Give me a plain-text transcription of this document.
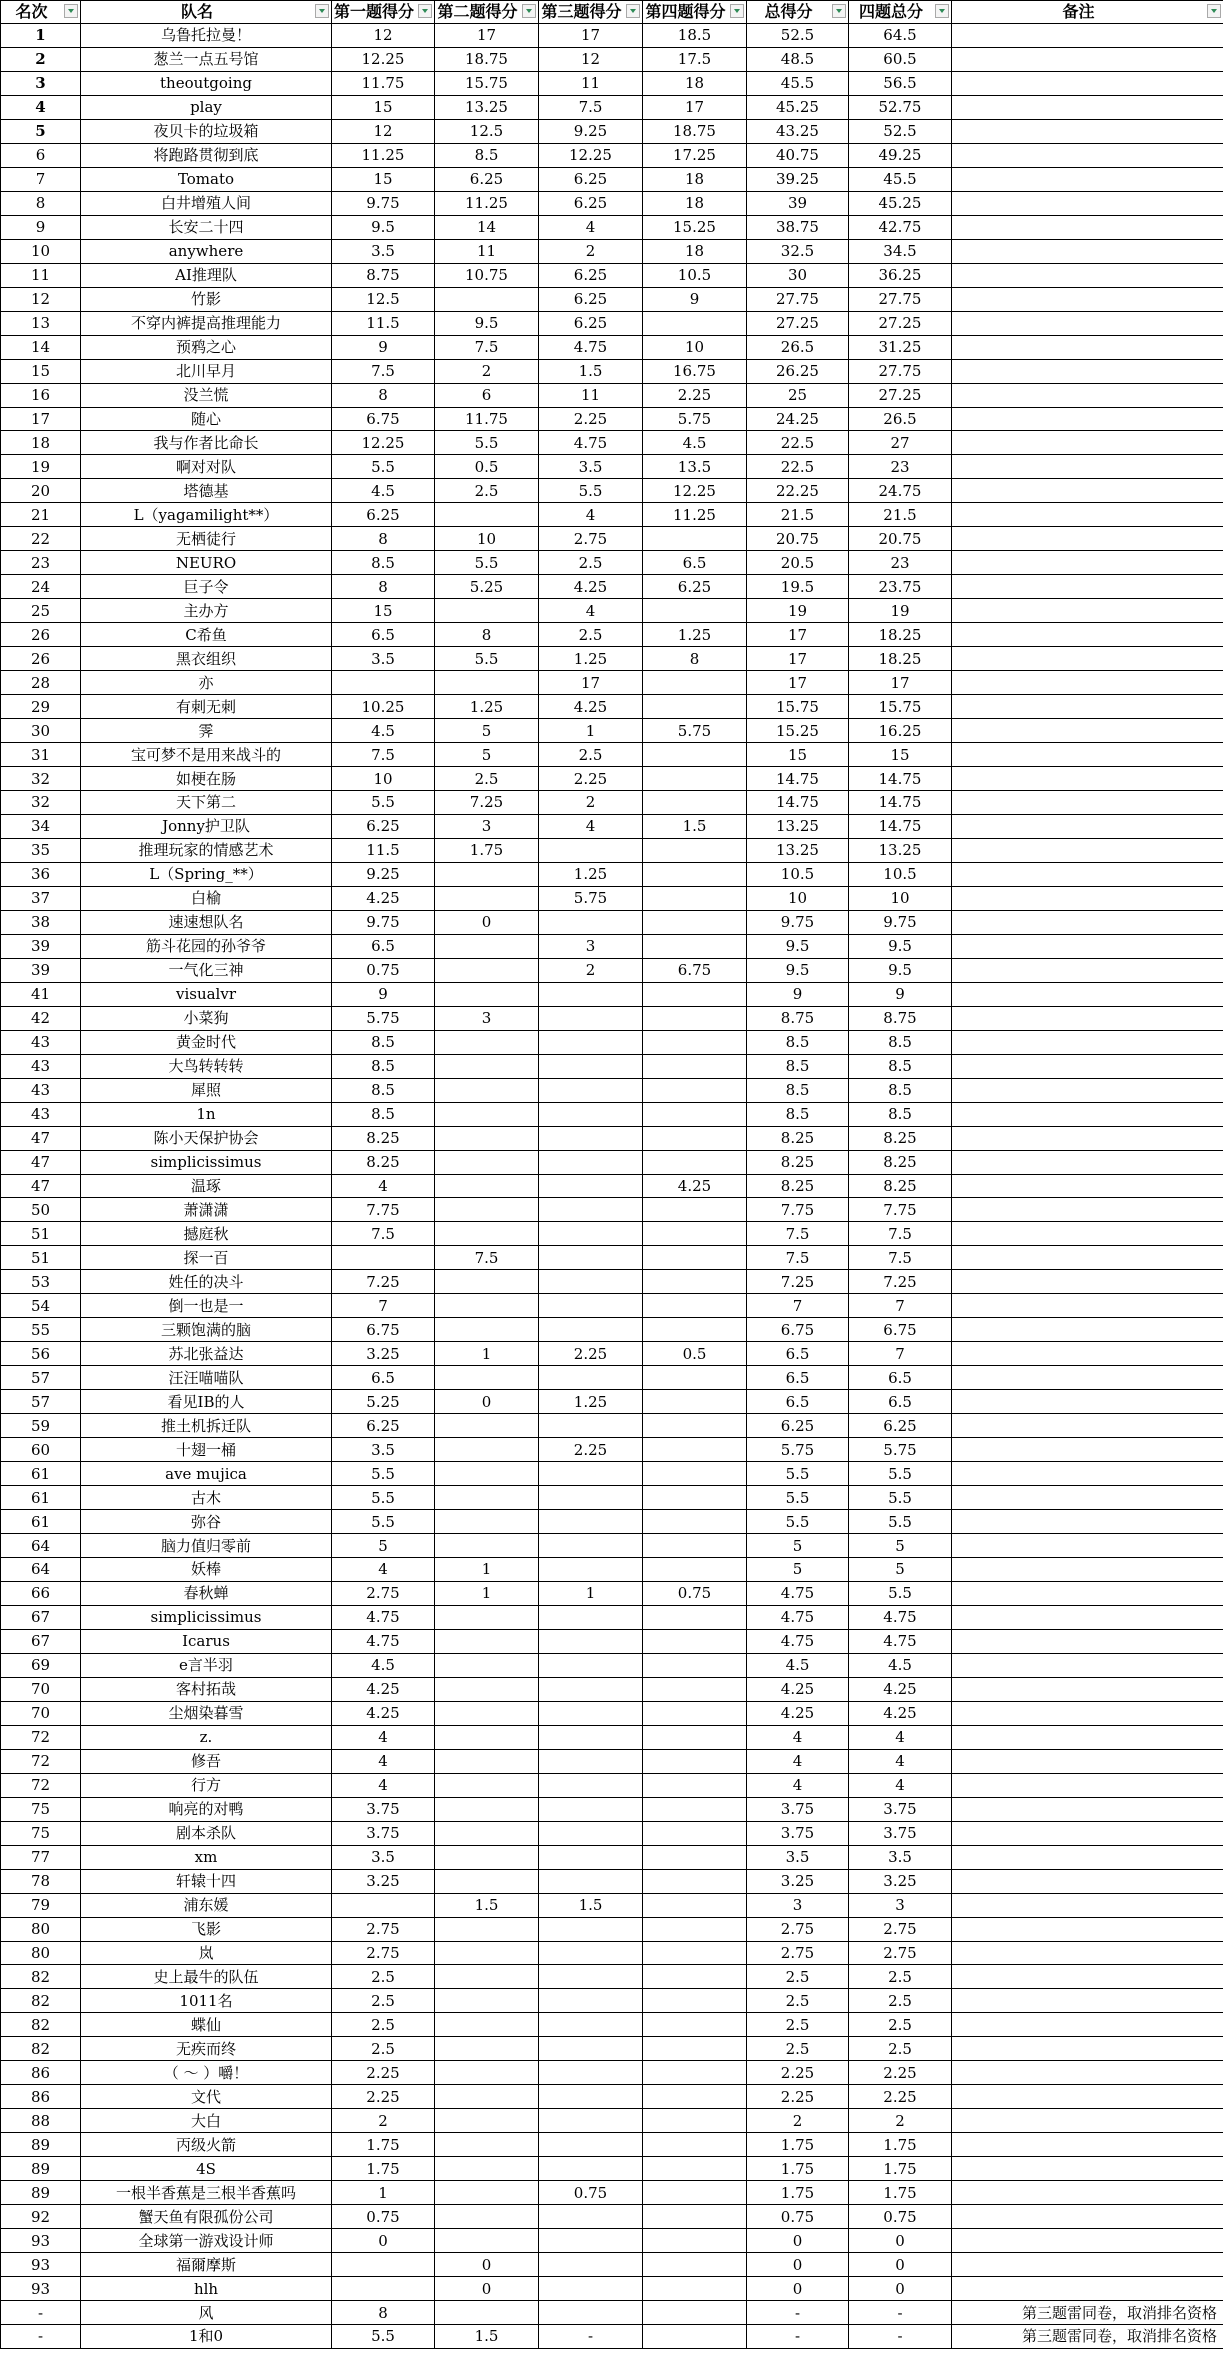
名次	队名	第一题得分	第二题得分	第三题得分	第四题得分	总得分	四题总分	备注

1	乌鲁托拉曼！	12	17	17	18.5	52.5	64.5	
2	葱兰一点五号馆	12.25	18.75	12	17.5	48.5	60.5	
3	theoutgoing	11.75	15.75	11	18	45.5	56.5	
4	play	15	13.25	7.5	17	45.25	52.75	
5	夜贝卡的垃圾箱	12	12.5	9.25	18.75	43.25	52.5	
6	将跑路贯彻到底	11.25	8.5	12.25	17.25	40.75	49.25	
7	Tomato	15	6.25	6.25	18	39.25	45.5	
8	白井增殖人间	9.75	11.25	6.25	18	39	45.25	
9	长安二十四	9.5	14	4	15.25	38.75	42.75	
10	anywhere	3.5	11	2	18	32.5	34.5	
11	AI推理队	8.75	10.75	6.25	10.5	30	36.25	
12	竹影	12.5		6.25	9	27.75	27.75	
13	不穿内裤提高推理能力	11.5	9.5	6.25		27.25	27.25	
14	预鸦之心	9	7.5	4.75	10	26.5	31.25	
15	北川早月	7.5	2	1.5	16.75	26.25	27.75	
16	没兰慌	8	6	11	2.25	25	27.25	
17	随心	6.75	11.75	2.25	5.75	24.25	26.5	
18	我与作者比命长	12.25	5.5	4.75	4.5	22.5	27	
19	啊对对队	5.5	0.5	3.5	13.5	22.5	23	
20	塔德基	4.5	2.5	5.5	12.25	22.25	24.75	
21	L（yagamilight**）	6.25		4	11.25	21.5	21.5	
22	无栖徒行	8	10	2.75		20.75	20.75	
23	NEURO	8.5	5.5	2.5	6.5	20.5	23	
24	巨子令	8	5.25	4.25	6.25	19.5	23.75	
25	主办方	15		4		19	19	
26	C希鱼	6.5	8	2.5	1.25	17	18.25	
26	黑衣组织	3.5	5.5	1.25	8	17	18.25	
28	亦			17		17	17	
29	有刺无刺	10.25	1.25	4.25		15.75	15.75	
30	霁	4.5	5	1	5.75	15.25	16.25	
31	宝可梦不是用来战斗的	7.5	5	2.5		15	15	
32	如梗在肠	10	2.5	2.25		14.75	14.75	
32	天下第二	5.5	7.25	2		14.75	14.75	
34	Jonny护卫队	6.25	3	4	1.5	13.25	14.75	
35	推理玩家的情感艺术	11.5	1.75			13.25	13.25	
36	L（Spring_**）	9.25		1.25		10.5	10.5	
37	白榆	4.25		5.75		10	10	
38	速速想队名	9.75	0			9.75	9.75	
39	筋斗花园的孙爷爷	6.5		3		9.5	9.5	
39	一气化三神	0.75		2	6.75	9.5	9.5	
41	visualvr	9				9	9	
42	小菜狗	5.75	3			8.75	8.75	
43	黄金时代	8.5				8.5	8.5	
43	大鸟转转转	8.5				8.5	8.5	
43	犀照	8.5				8.5	8.5	
43	1n	8.5				8.5	8.5	
47	陈小天保护协会	8.25				8.25	8.25	
47	simplicissimus	8.25				8.25	8.25	
47	温琢	4			4.25	8.25	8.25	
50	萧潇潇	7.75				7.75	7.75	
51	撼庭秋	7.5				7.5	7.5	
51	探一百		7.5			7.5	7.5	
53	姓任的决斗	7.25				7.25	7.25	
54	倒一也是一	7				7	7	
55	三颗饱满的脑	6.75				6.75	6.75	
56	苏北张益达	3.25	1	2.25	0.5	6.5	7	
57	汪汪喵喵队	6.5				6.5	6.5	
57	看见IB的人	5.25	0	1.25		6.5	6.5	
59	推土机拆迁队	6.25				6.25	6.25	
60	十翅一桶	3.5		2.25		5.75	5.75	
61	ave mujica	5.5				5.5	5.5	
61	古木	5.5				5.5	5.5	
61	弥谷	5.5				5.5	5.5	
64	脑力值归零前	5				5	5	
64	妖棒	4	1			5	5	
66	春秋蝉	2.75	1	1	0.75	4.75	5.5	
67	simplicissimus	4.75				4.75	4.75	
67	Icarus	4.75				4.75	4.75	
69	e言半羽	4.5				4.5	4.5	
70	客村拓哉	4.25				4.25	4.25	
70	尘烟染暮雪	4.25				4.25	4.25	
72	z.	4				4	4	
72	修吾	4				4	4	
72	行方	4				4	4	
75	响亮的对鸭	3.75				3.75	3.75	
75	剧本杀队	3.75				3.75	3.75	
77	xm	3.5				3.5	3.5	
78	轩辕十四	3.25				3.25	3.25	
79	浦东媛		1.5	1.5		3	3	
80	飞影	2.75				2.75	2.75	
80	岚	2.75				2.75	2.75	
82	史上最牛的队伍	2.5				2.5	2.5	
82	1011名	2.5				2.5	2.5	
82	蝶仙	2.5				2.5	2.5	
82	无疾而终	2.5				2.5	2.5	
86	（ ～ ）嚼！	2.25				2.25	2.25	
86	文代	2.25				2.25	2.25	
88	大白	2				2	2	
89	丙级火箭	1.75				1.75	1.75	
89	4S	1.75				1.75	1.75	
89	一根半香蕉是三根半香蕉吗	1		0.75		1.75	1.75	
92	蟹天鱼有限孤份公司	0.75				0.75	0.75	
93	全球第一游戏设计师	0				0	0	
93	福爾摩斯		0			0	0	
93	hlh		0			0	0	
-	风	8				-	-	第三题雷同卷，取消排名资格
-	1和0	5.5	1.5	-		-	-	第三题雷同卷，取消排名资格
